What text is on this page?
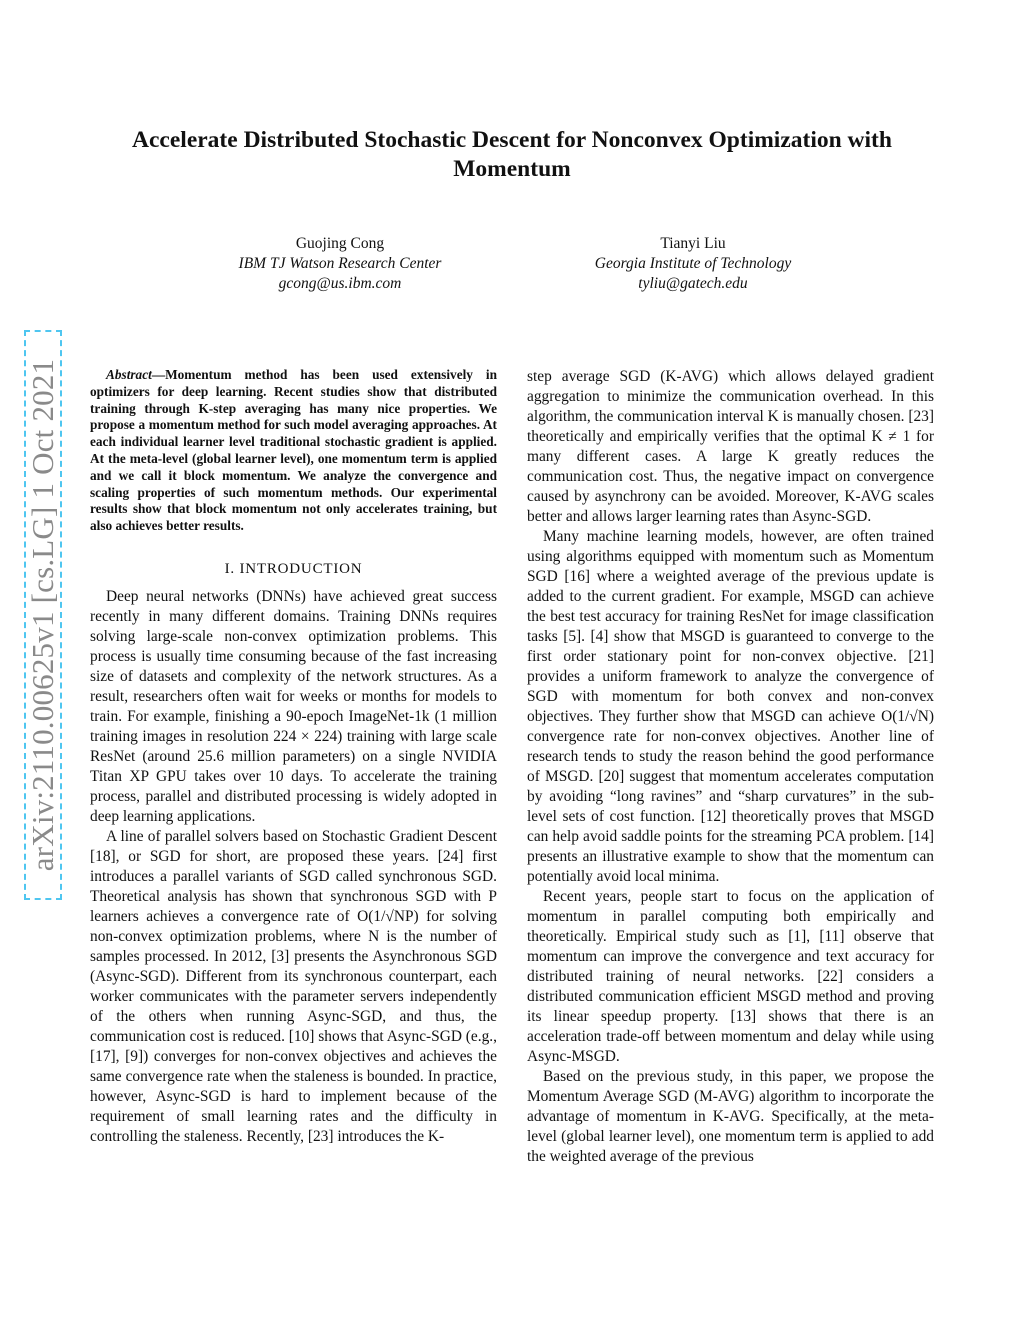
arXiv:2110.00625v1 [cs.LG] 1 Oct 2021
Accelerate Distributed Stochastic Descent for Nonconvex Optimization with Momentum
Guojing Cong
IBM TJ Watson Research Center
gcong@us.ibm.com
Tianyi Liu
Georgia Institute of Technology
tyliu@gatech.edu
Abstract—Momentum method has been used extensively in optimizers for deep learning. Recent studies show that distributed training through K-step averaging has many nice properties. We propose a momentum method for such model averaging approaches. At each individual learner level traditional stochastic gradient is applied. At the meta-level (global learner level), one momentum term is applied and we call it block momentum. We analyze the convergence and scaling properties of such momentum methods. Our experimental results show that block momentum not only accelerates training, but also achieves better results.
I. INTRODUCTION

Deep neural networks (DNNs) have achieved great success recently in many different domains. Training DNNs requires solving large-scale non-convex optimization problems. This process is usually time consuming because of the fast increasing size of datasets and complexity of the network structures. As a result, researchers often wait for weeks or months for models to train. For example, finishing a 90-epoch ImageNet-1k (1 million training images in resolution 224 × 224) training with large scale ResNet (around 25.6 million parameters) on a single NVIDIA Titan XP GPU takes over 10 days. To accelerate the training process, parallel and distributed processing is widely adopted in deep learning applications.

A line of parallel solvers based on Stochastic Gradient Descent [18], or SGD for short, are proposed these years. [24] first introduces a parallel variants of SGD called synchronous SGD. Theoretical analysis has shown that synchronous SGD with P learners achieves a convergence rate of O(1/√NP) for solving non-convex optimization problems, where N is the number of samples processed. In 2012, [3] presents the Asynchronous SGD (Async-SGD). Different from its synchronous counterpart, each worker communicates with the parameter servers independently of the others when running Async-SGD, and thus, the communication cost is reduced. [10] shows that Async-SGD (e.g., [17], [9]) converges for non-convex objectives and achieves the same convergence rate when the staleness is bounded. In practice, however, Async-SGD is hard to implement because of the requirement of small learning rates and the difficulty in controlling the staleness. Recently, [23] introduces the K-

step average SGD (K-AVG) which allows delayed gradient aggregation to minimize the communication overhead. In this algorithm, the communication interval K is manually chosen. [23] theoretically and empirically verifies that the optimal K ≠ 1 for many different cases. A large K greatly reduces the communication cost. Thus, the negative impact on convergence caused by asynchrony can be avoided. Moreover, K-AVG scales better and allows larger learning rates than Async-SGD.

Many machine learning models, however, are often trained using algorithms equipped with momentum such as Momentum SGD [16] where a weighted average of the previous update is added to the current gradient. For example, MSGD can achieve the best test accuracy for training ResNet for image classification tasks [5]. [4] show that MSGD is guaranteed to converge to the first order stationary point for non-convex objective. [21] provides a uniform framework to analyze the convergence of SGD with momentum for both convex and non-convex objectives. They further show that MSGD can achieve O(1/√N) convergence rate for non-convex objectives. Another line of research tends to study the reason behind the good performance of MSGD. [20] suggest that momentum accelerates computation by avoiding “long ravines” and “sharp curvatures” in the sub-level sets of cost function. [12] theoretically proves that MSGD can help avoid saddle points for the streaming PCA problem. [14] presents an illustrative example to show that the momentum can potentially avoid local minima.

Recent years, people start to focus on the application of momentum in parallel computing both empirically and theoretically. Empirical study such as [1], [11] observe that momentum can improve the convergence and text accuracy for distributed training of neural networks. [22] considers a distributed communication efficient MSGD method and proving its linear speedup property. [13] shows that there is an acceleration trade-off between momentum and delay while using Async-MSGD.

Based on the previous study, in this paper, we propose the Momentum Average SGD (M-AVG) algorithm to incorporate the advantage of momentum in K-AVG. Specifically, at the meta-level (global learner level), one momentum term is applied to add the weighted average of the previous
